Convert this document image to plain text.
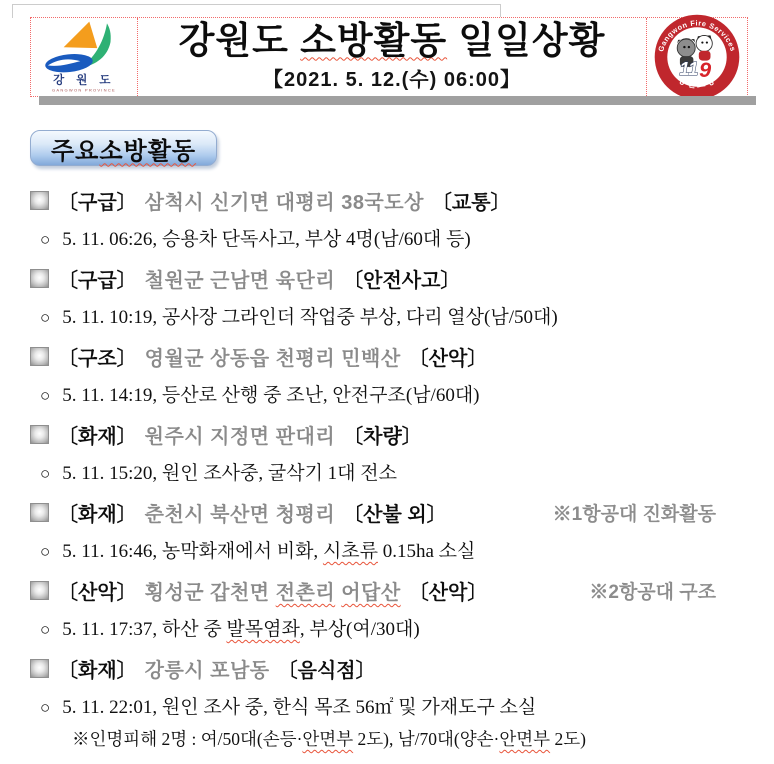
강 원 도
GANGWON PROVINCE
강원도 소방활동 일일상황
【2021. 5. 12.(수) 06:00】
Gangwon Fire Services
11 9
강원소방
주요 소방활동
〔구급〕 삼척시 신기면 대평리 38국도상 〔교통〕
○ 5. 11. 06:26, 승용차 단독사고, 부상 4명(남/60대 등)
〔구급〕 철원군 근남면 육단리 〔안전사고〕
○ 5. 11. 10:19, 공사장 그라인더 작업중 부상, 다리 열상(남/50대)
〔구조〕 영월군 상동읍 천평리 민백산 〔산악〕
○ 5. 11. 14:19, 등산로 산행 중 조난, 안전구조(남/60대)
〔화재〕 원주시 지정면 판대리 〔차량〕
○ 5. 11. 15:20, 원인 조사중, 굴삭기 1대 전소
〔화재〕 춘천시 북산면 청평리 〔산불 외〕	※1항공대 진화활동
○ 5. 11. 16:46, 농막화재에서 비화, 시초류 0.15ha 소실
〔산악〕 횡성군 갑천면 전촌리 어답산 〔산악〕	※2항공대 구조
○ 5. 11. 17:37, 하산 중 발목염좌, 부상(여/30대)
〔화재〕 강릉시 포남동 〔음식점〕
○ 5. 11. 22:01, 원인 조사 중, 한식 목조 56㎡ 및 가재도구 소실
※인명피해 2명 : 여/50대(손등·안면부 2도), 남/70대(양손·안면부 2도)
